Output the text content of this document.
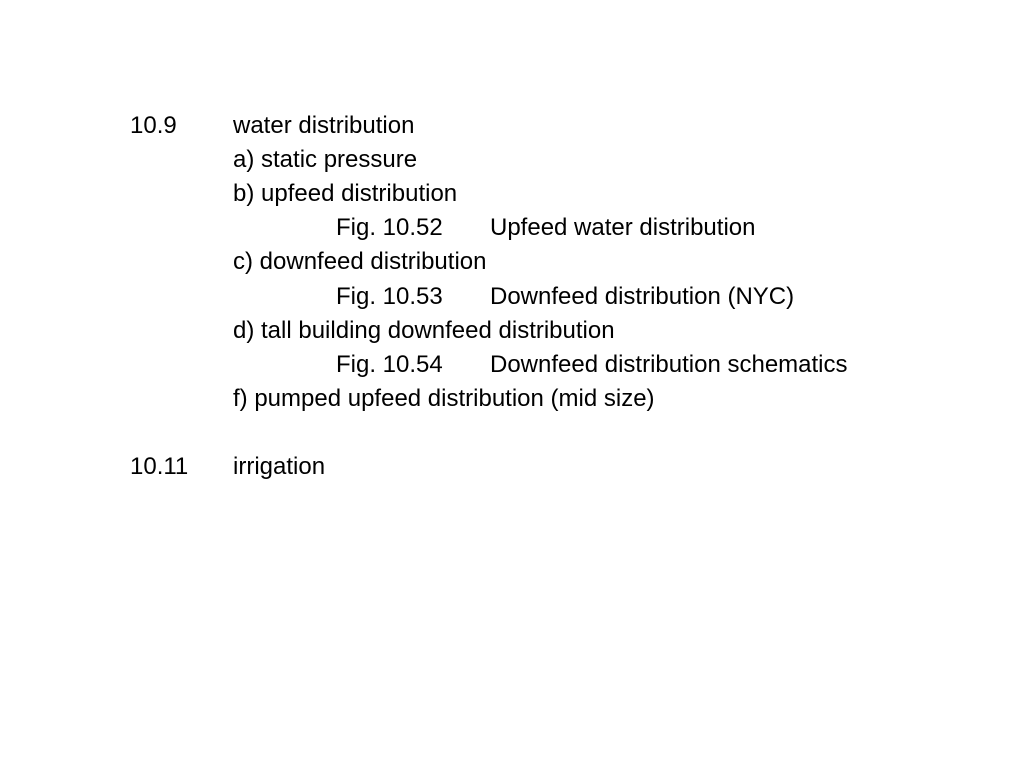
10.9 water distribution
a) static pressure
b) upfeed distribution
Fig. 10.52 Upfeed water distribution
c) downfeed distribution
Fig. 10.53 Downfeed distribution (NYC)
d) tall building downfeed distribution
Fig. 10.54 Downfeed distribution schematics
f) pumped upfeed distribution (mid size)
10.11 irrigation
